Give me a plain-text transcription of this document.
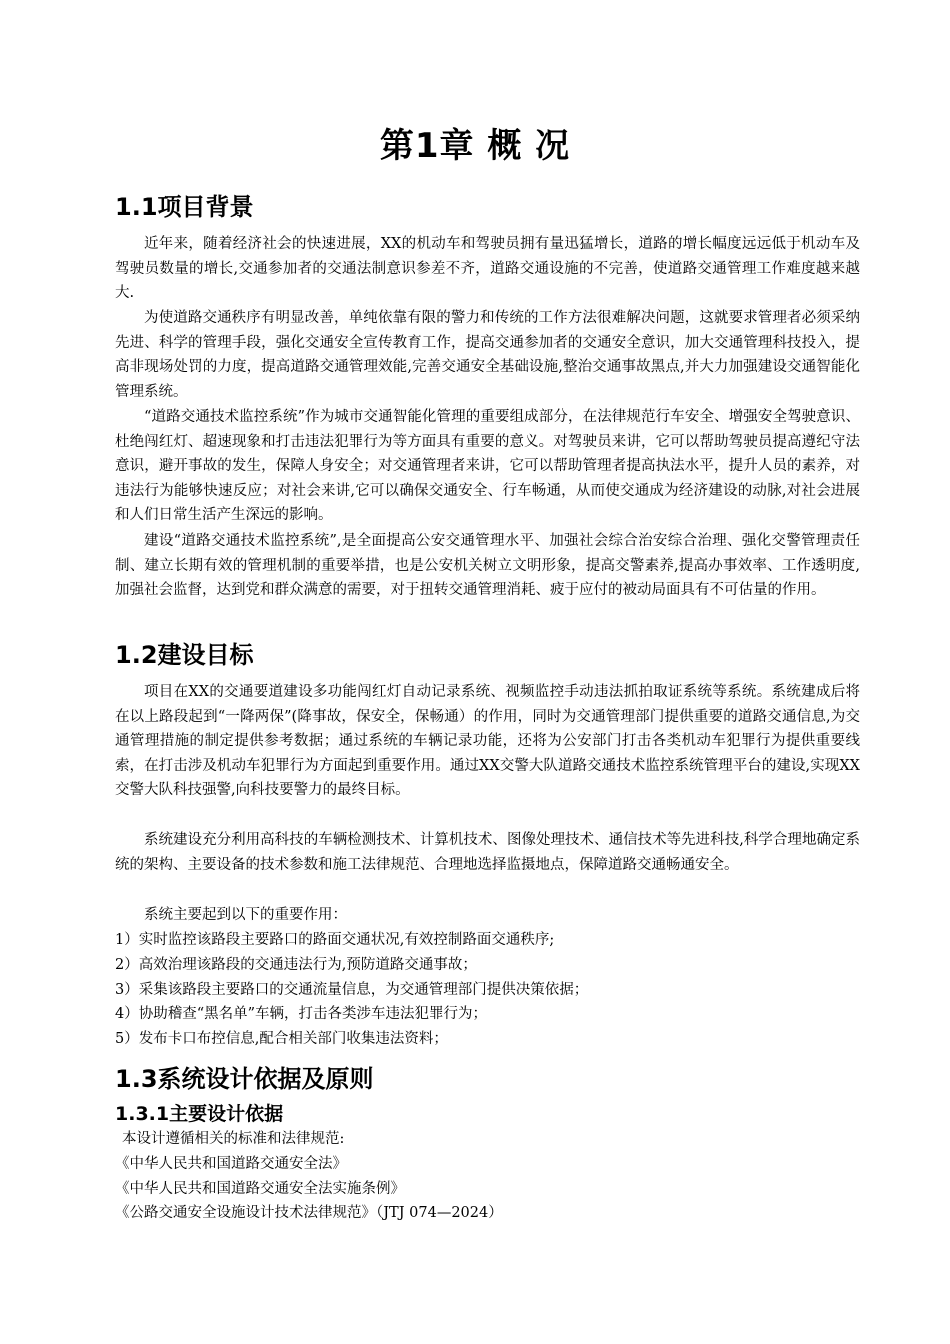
第1章 概 况
1.1项目背景

近年来，随着经济社会的快速进展，XX的机动车和驾驶员拥有量迅猛增长，道路的增长幅度远远低于机动车及驾驶员数量的增长,交通参加者的交通法制意识参差不齐，道路交通设施的不完善，使道路交通管理工作难度越来越大.

为使道路交通秩序有明显改善，单纯依靠有限的警力和传统的工作方法很难解决问题，这就要求管理者必须采纳先进、科学的管理手段，强化交通安全宣传教育工作，提高交通参加者的交通安全意识，加大交通管理科技投入，提高非现场处罚的力度，提高道路交通管理效能,完善交通安全基础设施,整治交通事故黑点,并大力加强建设交通智能化管理系统。

“道路交通技术监控系统”作为城市交通智能化管理的重要组成部分，在法律规范行车安全、增强安全驾驶意识、杜绝闯红灯、超速现象和打击违法犯罪行为等方面具有重要的意义。对驾驶员来讲，它可以帮助驾驶员提高遵纪守法意识，避开事故的发生，保障人身安全；对交通管理者来讲，它可以帮助管理者提高执法水平，提升人员的素养，对违法行为能够快速反应；对社会来讲,它可以确保交通安全、行车畅通，从而使交通成为经济建设的动脉,对社会进展和人们日常生活产生深远的影响。

建设“道路交通技术监控系统”,是全面提高公安交通管理水平、加强社会综合治安综合治理、强化交警管理责任制、建立长期有效的管理机制的重要举措，也是公安机关树立文明形象，提高交警素养,提高办事效率、工作透明度,加强社会监督，达到党和群众满意的需要，对于扭转交通管理消耗、疲于应付的被动局面具有不可估量的作用。

1.2建设目标

项目在XX的交通要道建设多功能闯红灯自动记录系统、视频监控手动违法抓拍取证系统等系统。系统建成后将在以上路段起到“一降两保”(降事故，保安全，保畅通）的作用，同时为交通管理部门提供重要的道路交通信息,为交通管理措施的制定提供参考数据；通过系统的车辆记录功能，还将为公安部门打击各类机动车犯罪行为提供重要线索，在打击涉及机动车犯罪行为方面起到重要作用。通过XX交警大队道路交通技术监控系统管理平台的建设,实现XX交警大队科技强警,向科技要警力的最终目标。

系统建设充分利用高科技的车辆检测技术、计算机技术、图像处理技术、通信技术等先进科技,科学合理地确定系统的架构、主要设备的技术参数和施工法律规范、合理地选择监摄地点，保障道路交通畅通安全。

系统主要起到以下的重要作用：

1）实时监控该路段主要路口的路面交通状况,有效控制路面交通秩序;
2）高效治理该路段的交通违法行为,预防道路交通事故；
3）采集该路段主要路口的交通流量信息，为交通管理部门提供决策依据；
4）协助稽查“黑名单”车辆，打击各类涉车违法犯罪行为；
5）发布卡口布控信息,配合相关部门收集违法资料；
1.3系统设计依据及原则
1.3.1主要设计依据
本设计遵循相关的标准和法律规范:
《中华人民共和国道路交通安全法》
《中华人民共和国道路交通安全法实施条例》
《公路交通安全设施设计技术法律规范》（JTJ 074—2024）
